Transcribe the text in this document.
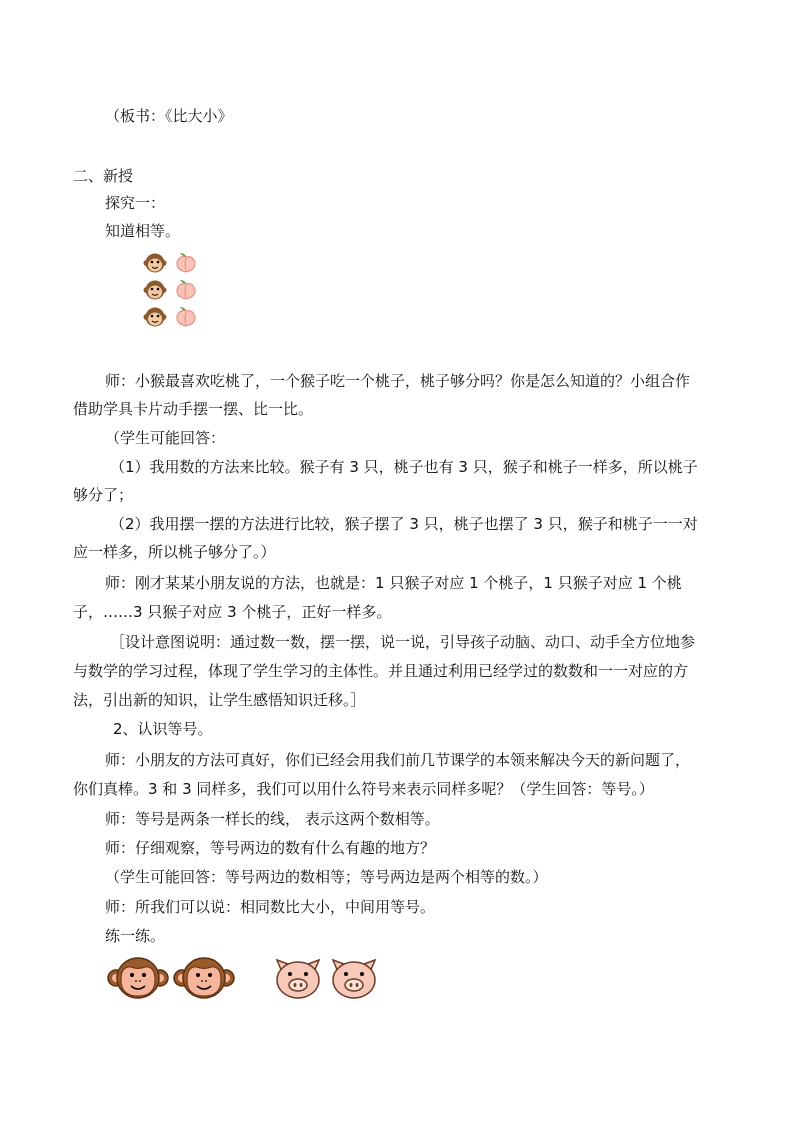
（板书：《比大小》
二、新授
探究一：
知道相等。
师：小猴最喜欢吃桃了，一个猴子吃一个桃子，桃子够分吗？你是怎么知道的？小组合作
借助学具卡片动手摆一摆、比一比。
（学生可能回答：
（1）我用数的方法来比较。猴子有 3 只，桃子也有 3 只，猴子和桃子一样多，所以桃子
够分了；
（2）我用摆一摆的方法进行比较，猴子摆了 3 只，桃子也摆了 3 只，猴子和桃子一一对
应一样多，所以桃子够分了。）
师：刚才某某小朋友说的方法，也就是：1 只猴子对应 1 个桃子，1 只猴子对应 1 个桃
子，……3 只猴子对应 3 个桃子，正好一样多。
［设计意图说明：通过数一数，摆一摆，说一说，引导孩子动脑、动口、动手全方位地参
与数学的学习过程，体现了学生学习的主体性。并且通过利用已经学过的数数和一一对应的方
法，引出新的知识，让学生感悟知识迁移。］
2、认识等号。
师：小朋友的方法可真好，你们已经会用我们前几节课学的本领来解决今天的新问题了，
你们真棒。3 和 3 同样多，我们可以用什么符号来表示同样多呢？（学生回答：等号。）
师：等号是两条一样长的线， 表示这两个数相等。
师：仔细观察，等号两边的数有什么有趣的地方？
（学生可能回答：等号两边的数相等；等号两边是两个相等的数。）
师：所我们可以说：相同数比大小，中间用等号。
练一练。
